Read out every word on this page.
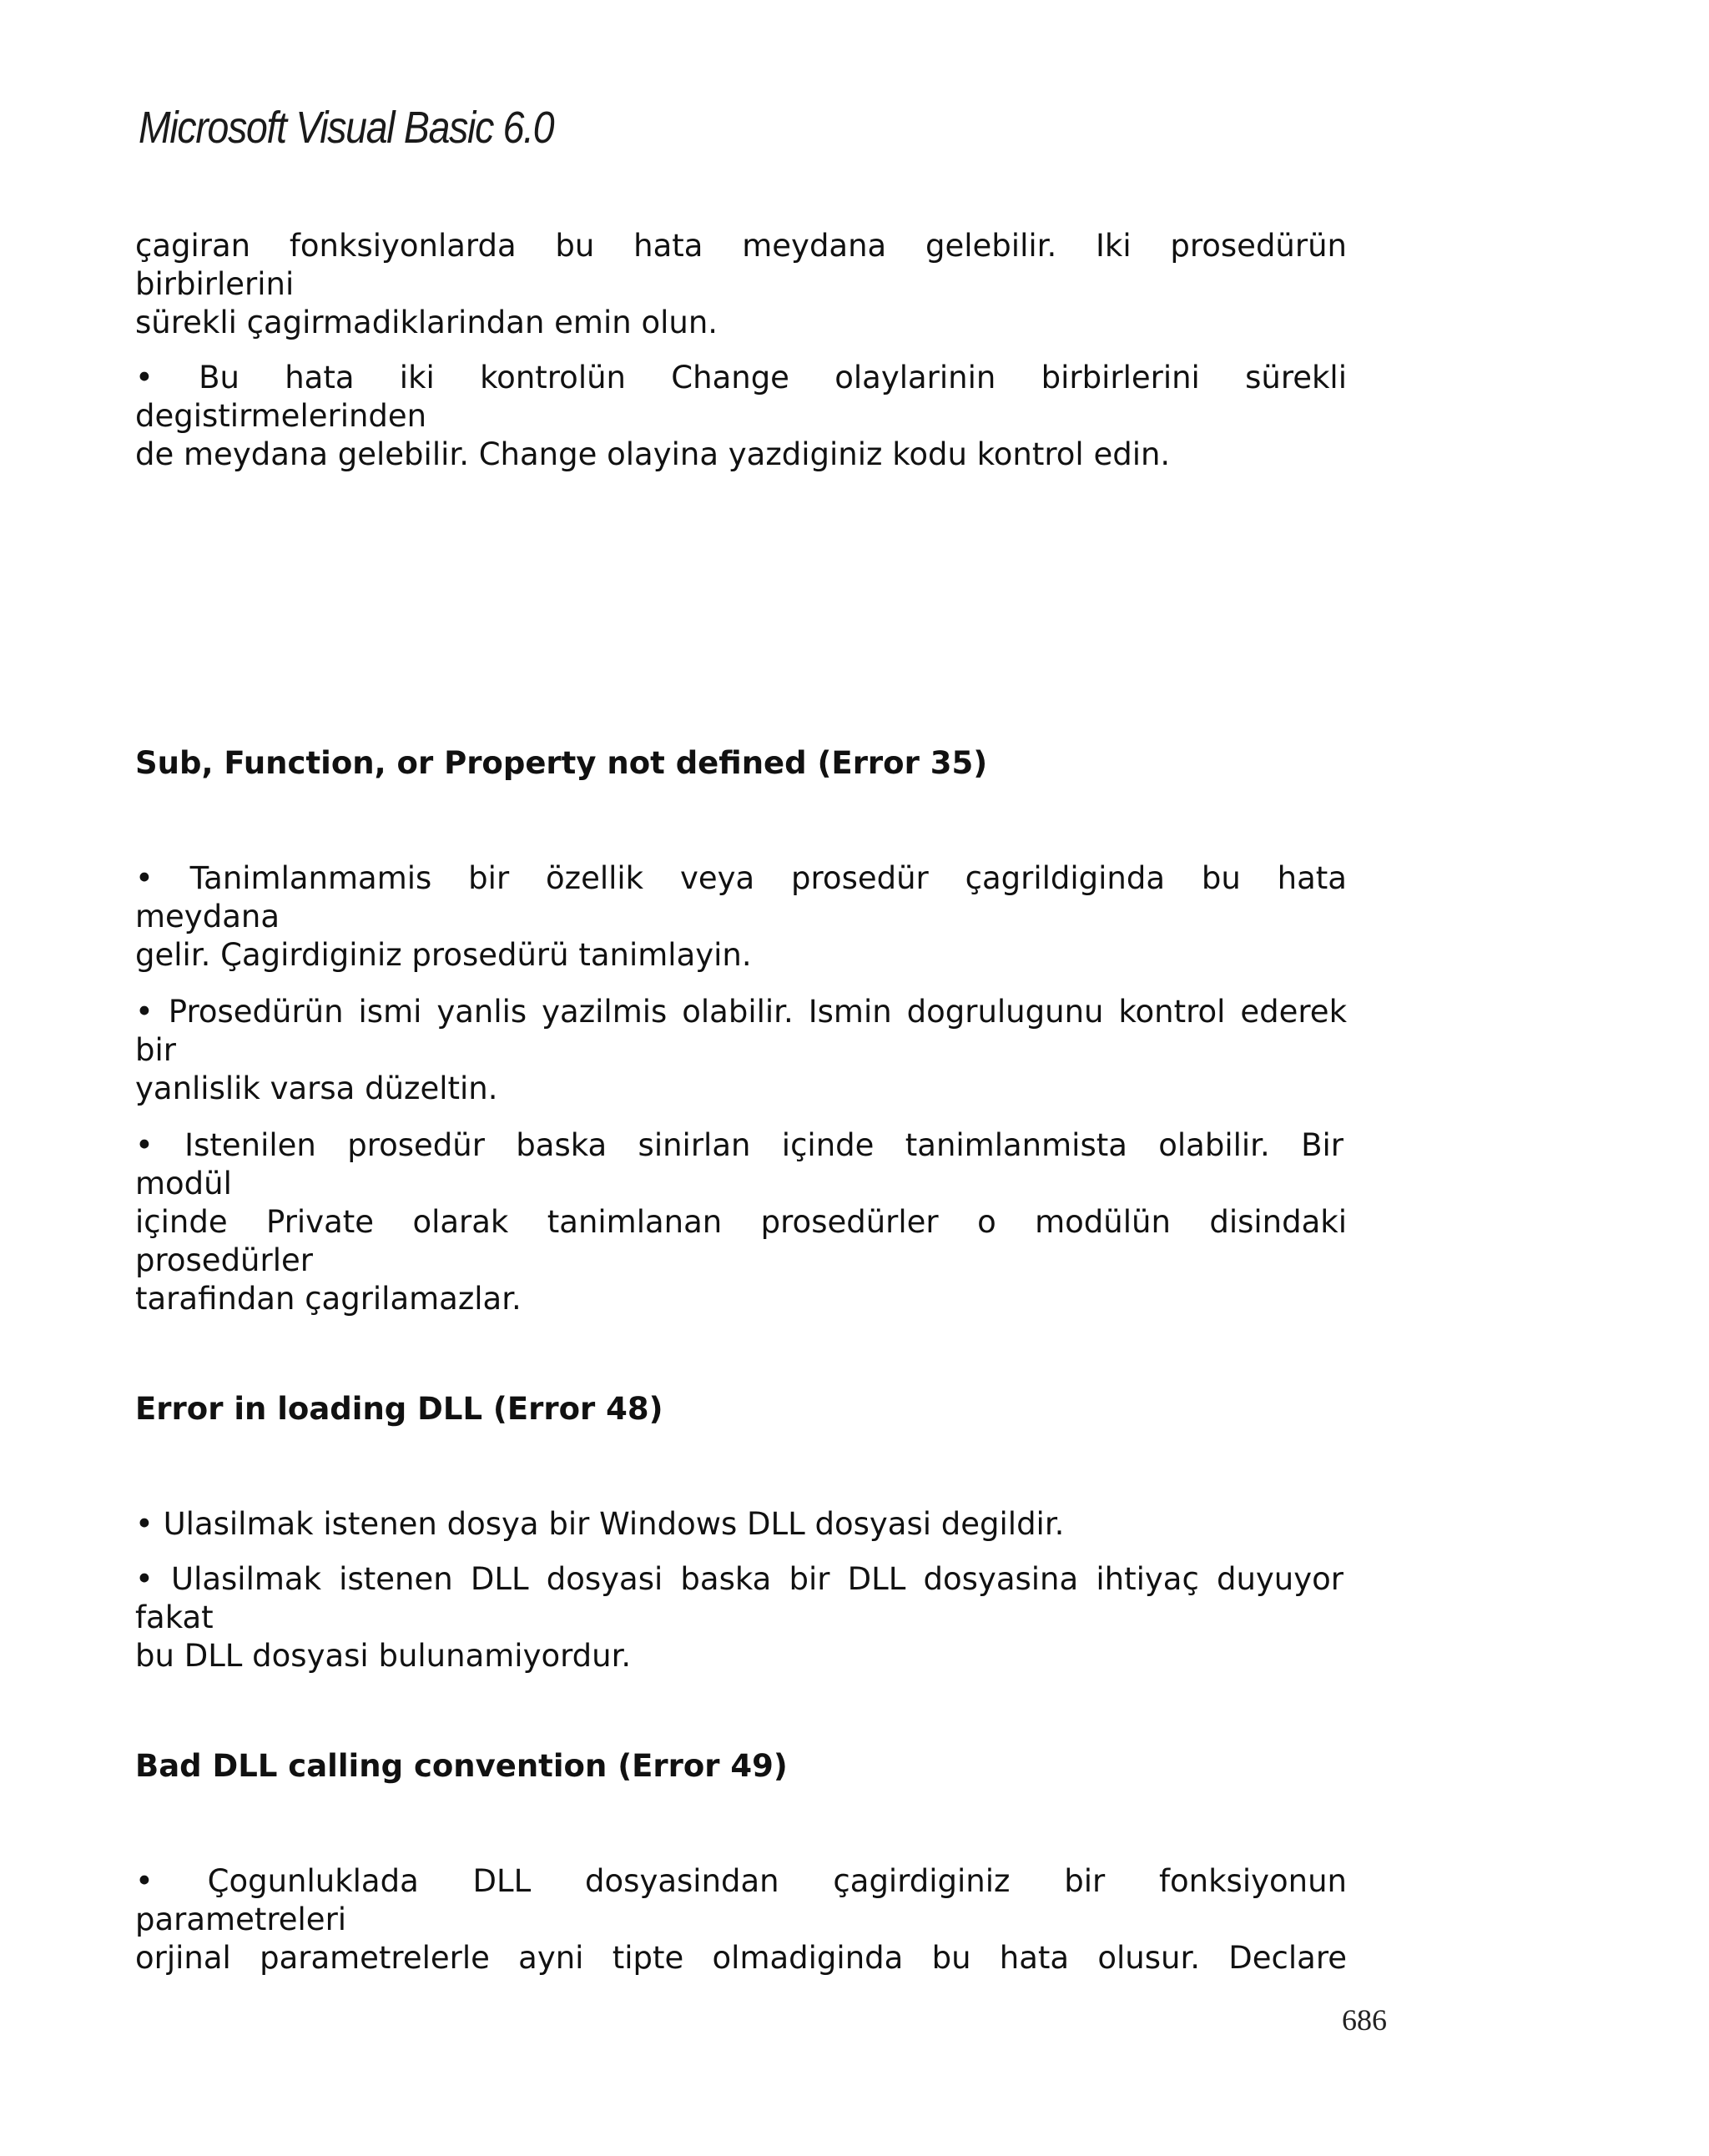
Microsoft Visual Basic 6.0
çagiran fonksiyonlarda bu hata meydana gelebilir. Iki prosedürün
birbirlerini
sürekli çagirmadiklarindan emin olun.
• Bu hata iki kontrolün Change olaylarinin birbirlerini sürekli
degistirmelerinden
de meydana gelebilir. Change olayina yazdiginiz kodu kontrol edin.
Sub, Function, or Property not defined (Error 35)
• Tanimlanmamis bir özellik veya prosedür çagrildiginda bu hata
meydana
gelir. Çagirdiginiz prosedürü tanimlayin.
• Prosedürün ismi yanlis yazilmis olabilir. Ismin dogrulugunu kontrol ederek
bir
yanlislik varsa düzeltin.
• Istenilen prosedür baska sinirlan içinde tanimlanmista olabilir. Bir
modül
içinde Private olarak tanimlanan prosedürler o modülün disindaki
prosedürler
tarafindan çagrilamazlar.
Error in loading DLL (Error 48)
• Ulasilmak istenen dosya bir Windows DLL dosyasi degildir.
• Ulasilmak istenen DLL dosyasi baska bir DLL dosyasina ihtiyaç duyuyor
fakat
bu DLL dosyasi bulunamiyordur.
Bad DLL calling convention (Error 49)
• Çogunluklada DLL dosyasindan çagirdiginiz bir fonksiyonun
parametreleri
orjinal parametrelerle ayni tipte olmadiginda bu hata olusur. Declare
686
